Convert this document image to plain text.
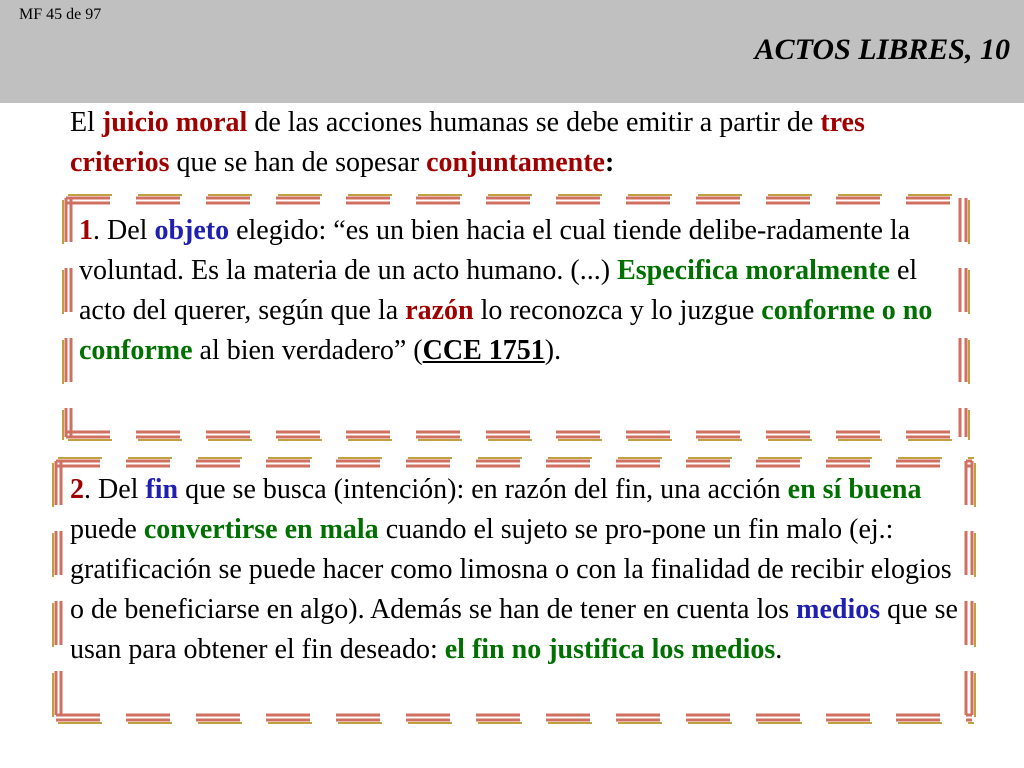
MF 45 de 97
ACTOS LIBRES, 10
El juicio moral de las acciones humanas se debe emitir a partir de tres criterios que se han de sopesar conjuntamente:
1. Del objeto elegido: “es un bien hacia el cual tiende delibe-radamente la voluntad. Es la materia de un acto humano. (...) Especifica moralmente el acto del querer, según que la razón lo reconozca y lo juzgue conforme o no conforme al bien verdadero” (CCE 1751).
2. Del fin que se busca (intención): en razón del fin, una acción en sí buena puede convertirse en mala cuando el sujeto se pro-pone un fin malo (ej.: gratificación se puede hacer como limosna o con la finalidad de recibir elogios o de beneficiarse en algo). Además se han de tener en cuenta los medios que se usan para obtener el fin deseado: el fin no justifica los medios.
